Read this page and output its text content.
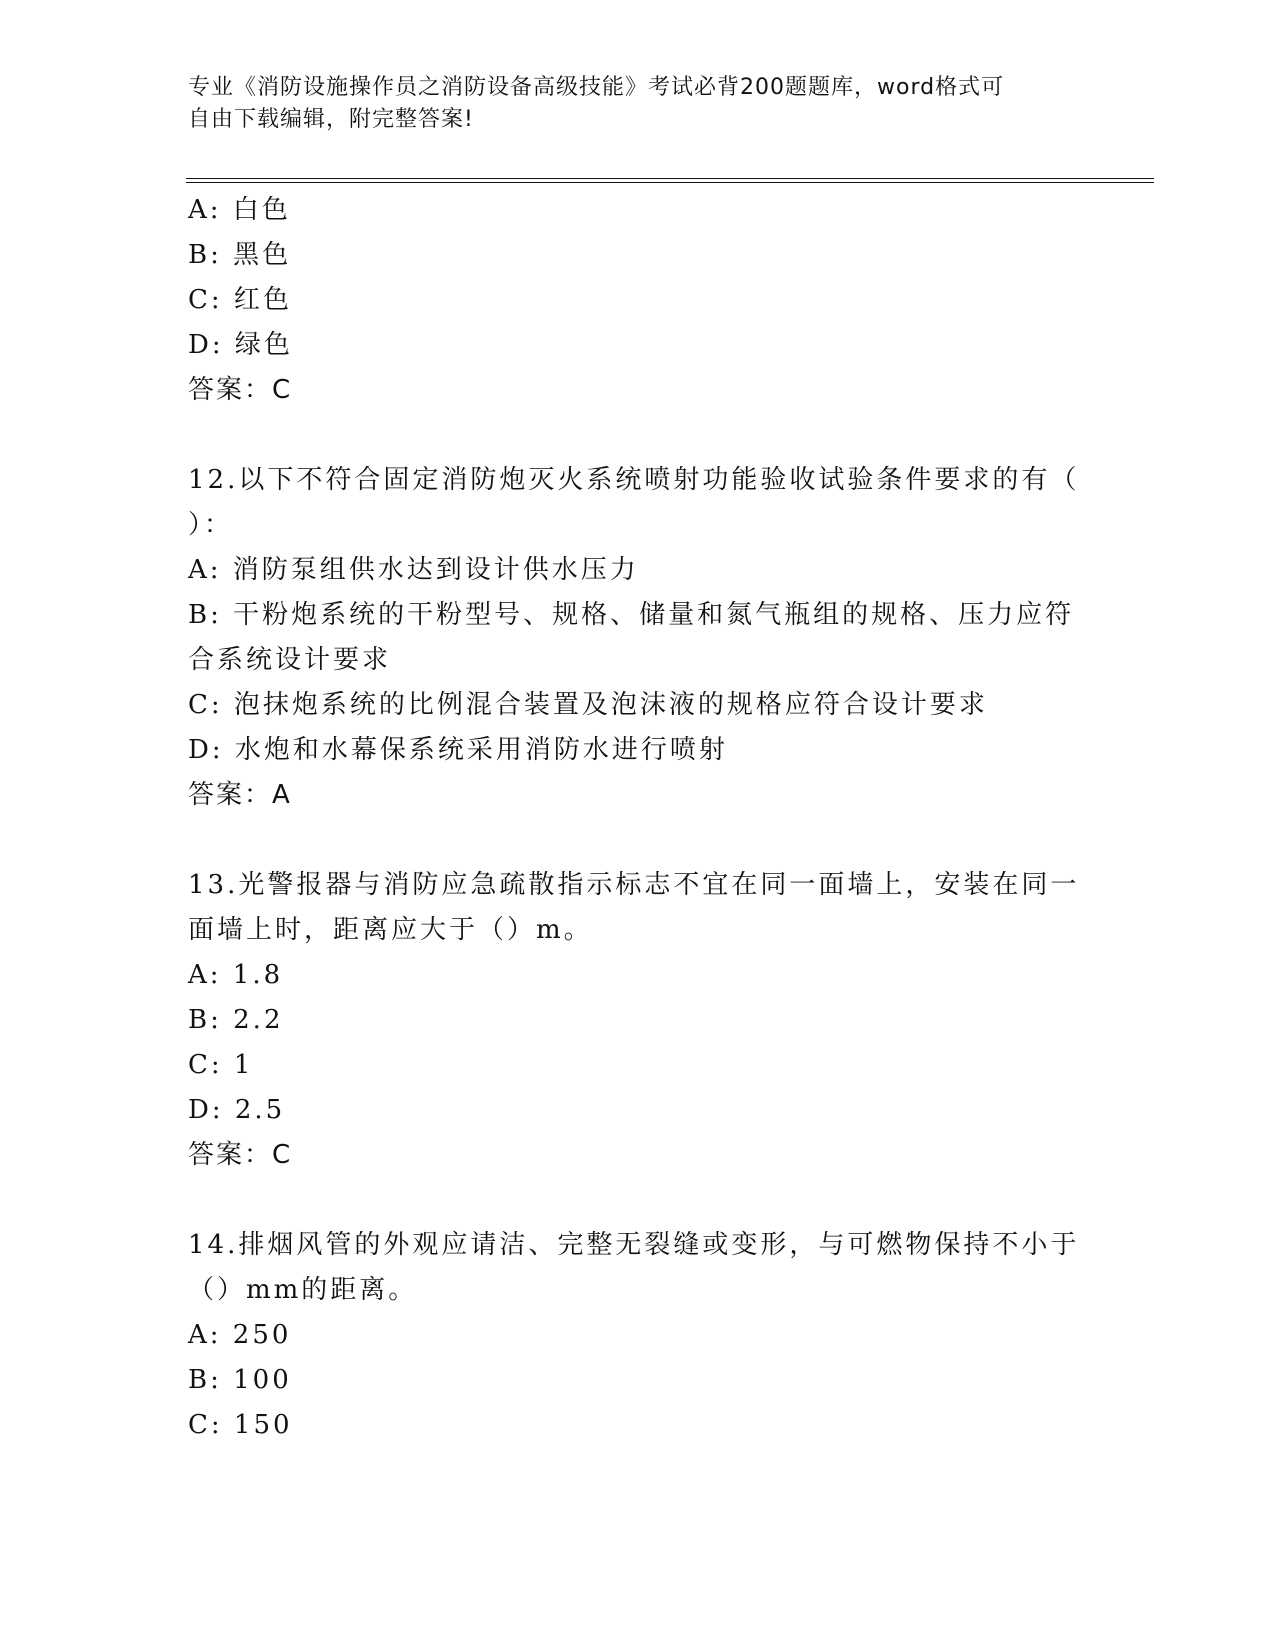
专业《消防设施操作员之消防设备高级技能》考试必背200题题库，word格式可
自由下载编辑，附完整答案!
A: 白色
B: 黑色
C: 红色
D: 绿色
答案：C
12.以下不符合固定消防炮灭火系统喷射功能验收试验条件要求的有（
）：
A: 消防泵组供水达到设计供水压力
B: 干粉炮系统的干粉型号、规格、储量和氮气瓶组的规格、压力应符
合系统设计要求
C: 泡抹炮系统的比例混合装置及泡沫液的规格应符合设计要求
D: 水炮和水幕保系统采用消防水进行喷射
答案：A
13.光警报器与消防应急疏散指示标志不宜在同一面墙上，安装在同一
面墙上时，距离应大于（）m。
A: 1.8
B: 2.2
C: 1
D: 2.5
答案：C
14.排烟风管的外观应请洁、完整无裂缝或变形，与可燃物保持不小于
（）mm的距离。
A: 250
B: 100
C: 150
